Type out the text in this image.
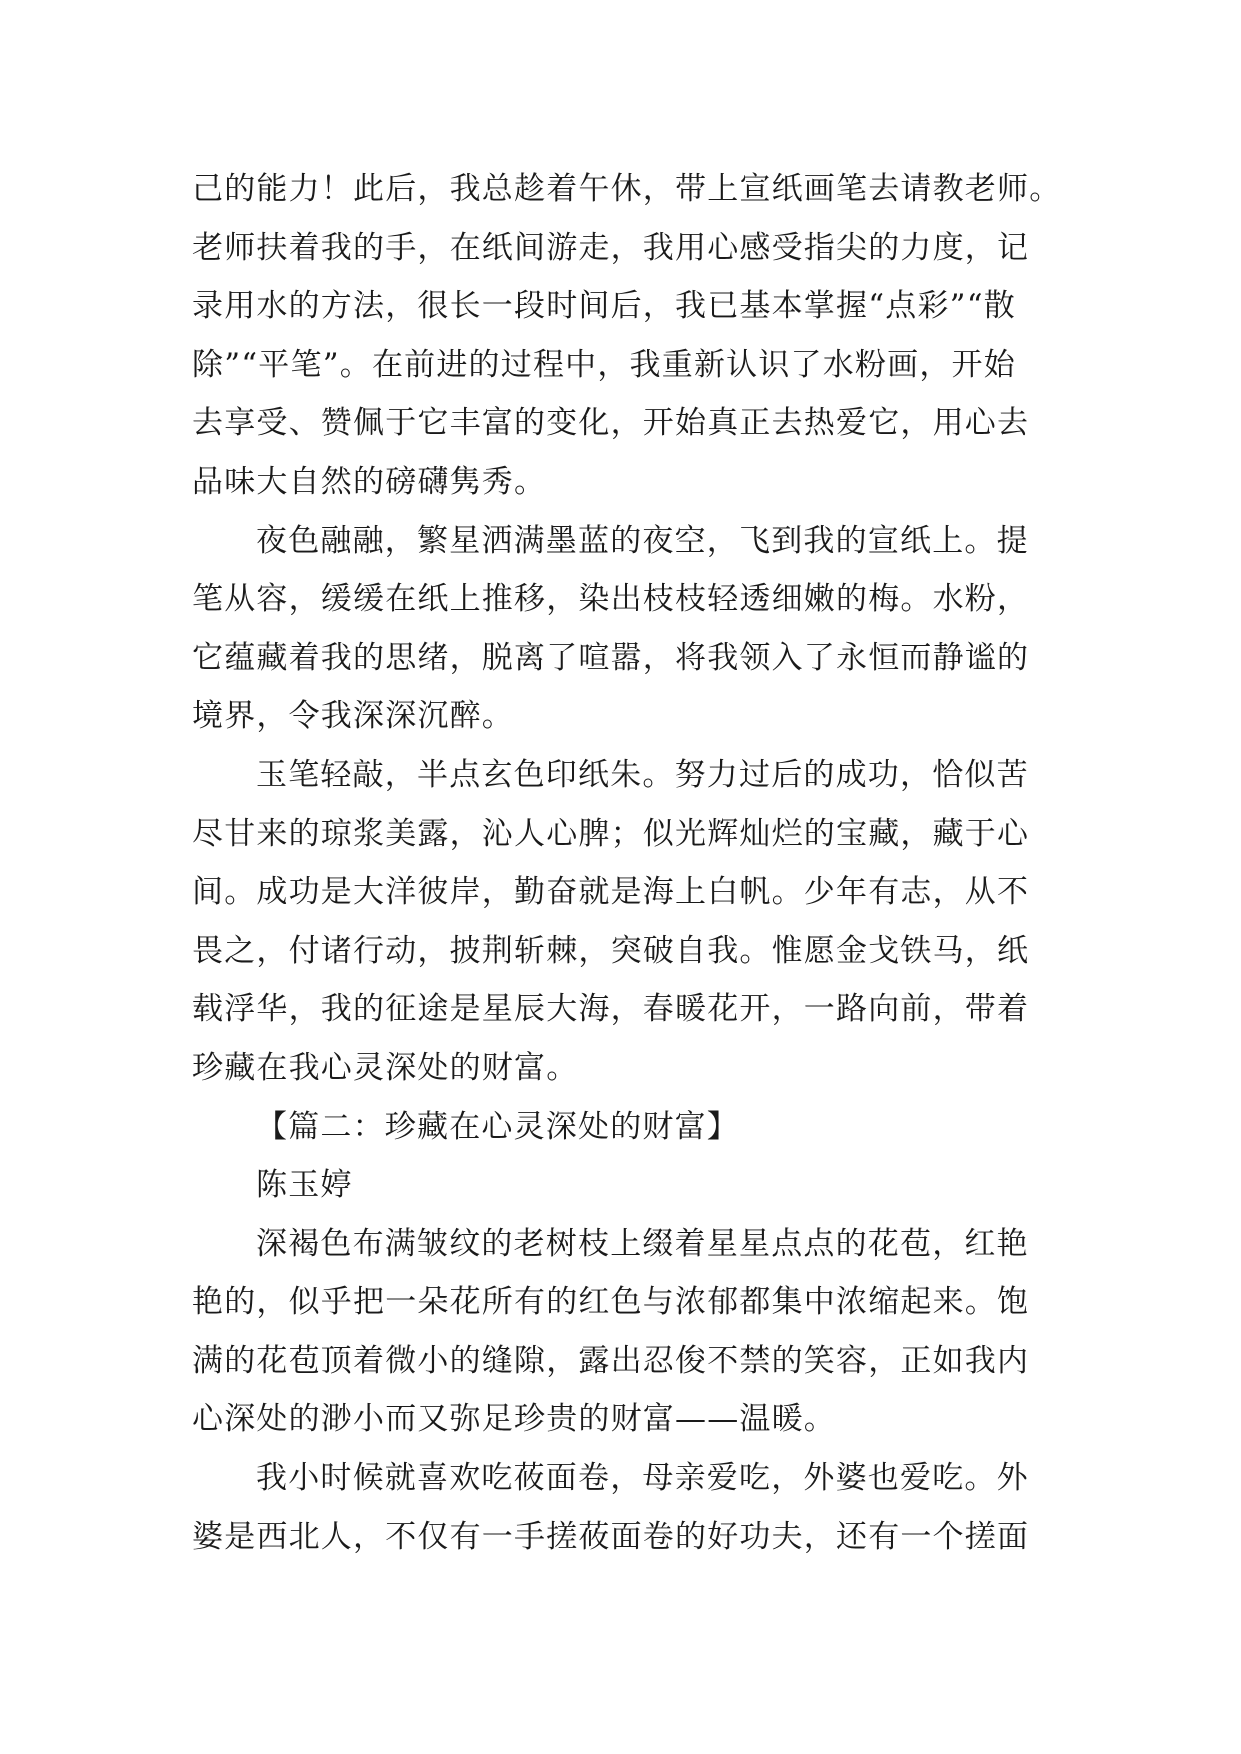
己的能力！此后，我总趁着午休，带上宣纸画笔去请教老师。
老师扶着我的手，在纸间游走，我用心感受指尖的力度，记
录用水的方法，很长一段时间后，我已基本掌握“点彩”“散
除”“平笔”。在前进的过程中，我重新认识了水粉画，开始
去享受、赞佩于它丰富的变化，开始真正去热爱它，用心去
品味大自然的磅礴隽秀。
夜色融融，繁星洒满墨蓝的夜空，飞到我的宣纸上。提
笔从容，缓缓在纸上推移，染出枝枝轻透细嫩的梅。水粉，
它蕴藏着我的思绪，脱离了喧嚣，将我领入了永恒而静谧的
境界，令我深深沉醉。
玉笔轻敲，半点玄色印纸朱。努力过后的成功，恰似苦
尽甘来的琼浆美露，沁人心脾；似光辉灿烂的宝藏，藏于心
间。成功是大洋彼岸，勤奋就是海上白帆。少年有志，从不
畏之，付诸行动，披荆斩棘，突破自我。惟愿金戈铁马，纸
载浮华，我的征途是星辰大海，春暖花开，一路向前，带着
珍藏在我心灵深处的财富。
【篇二：珍藏在心灵深处的财富】
陈玉婷
深褐色布满皱纹的老树枝上缀着星星点点的花苞，红艳
艳的，似乎把一朵花所有的红色与浓郁都集中浓缩起来。饱
满的花苞顶着微小的缝隙，露出忍俊不禁的笑容，正如我内
心深处的渺小而又弥足珍贵的财富——温暖。
我小时候就喜欢吃莜面卷，母亲爱吃，外婆也爱吃。外
婆是西北人，不仅有一手搓莜面卷的好功夫，还有一个搓面
